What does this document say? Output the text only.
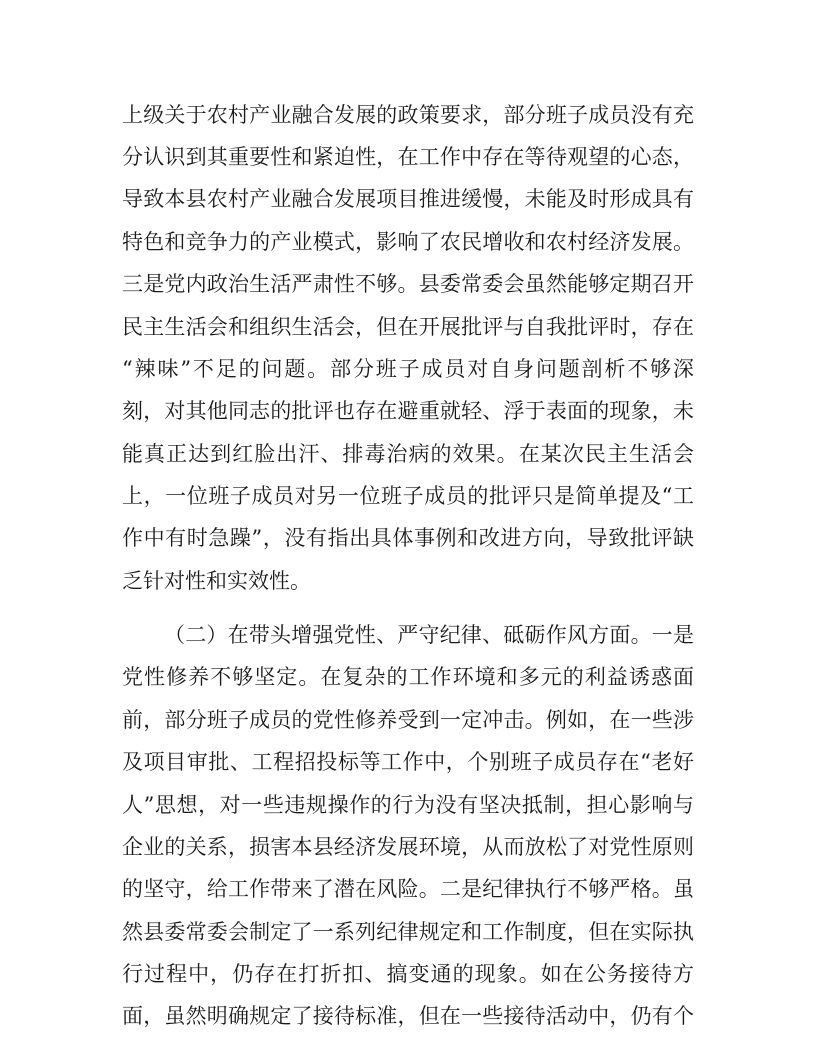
上级关于农村产业融合发展的政策要求，部分班子成员没有充
分认识到其重要性和紧迫性，在工作中存在等待观望的心态，
导致本县农村产业融合发展项目推进缓慢，未能及时形成具有
特色和竞争力的产业模式，影响了农民增收和农村经济发展。
三是党内政治生活严肃性不够。县委常委会虽然能够定期召开
民主生活会和组织生活会，但在开展批评与自我批评时，存在
“辣味”不足的问题。部分班子成员对自身问题剖析不够深
刻，对其他同志的批评也存在避重就轻、浮于表面的现象，未
能真正达到红脸出汗、排毒治病的效果。在某次民主生活会
上，一位班子成员对另一位班子成员的批评只是简单提及“工
作中有时急躁”，没有指出具体事例和改进方向，导致批评缺
乏针对性和实效性。
（二）在带头增强党性、严守纪律、砥砺作风方面。一是
党性修养不够坚定。在复杂的工作环境和多元的利益诱惑面
前，部分班子成员的党性修养受到一定冲击。例如，在一些涉
及项目审批、工程招投标等工作中，个别班子成员存在“老好
人”思想，对一些违规操作的行为没有坚决抵制，担心影响与
企业的关系，损害本县经济发展环境，从而放松了对党性原则
的坚守，给工作带来了潜在风险。二是纪律执行不够严格。虽
然县委常委会制定了一系列纪律规定和工作制度，但在实际执
行过程中，仍存在打折扣、搞变通的现象。如在公务接待方
面，虽然明确规定了接待标准，但在一些接待活动中，仍有个
